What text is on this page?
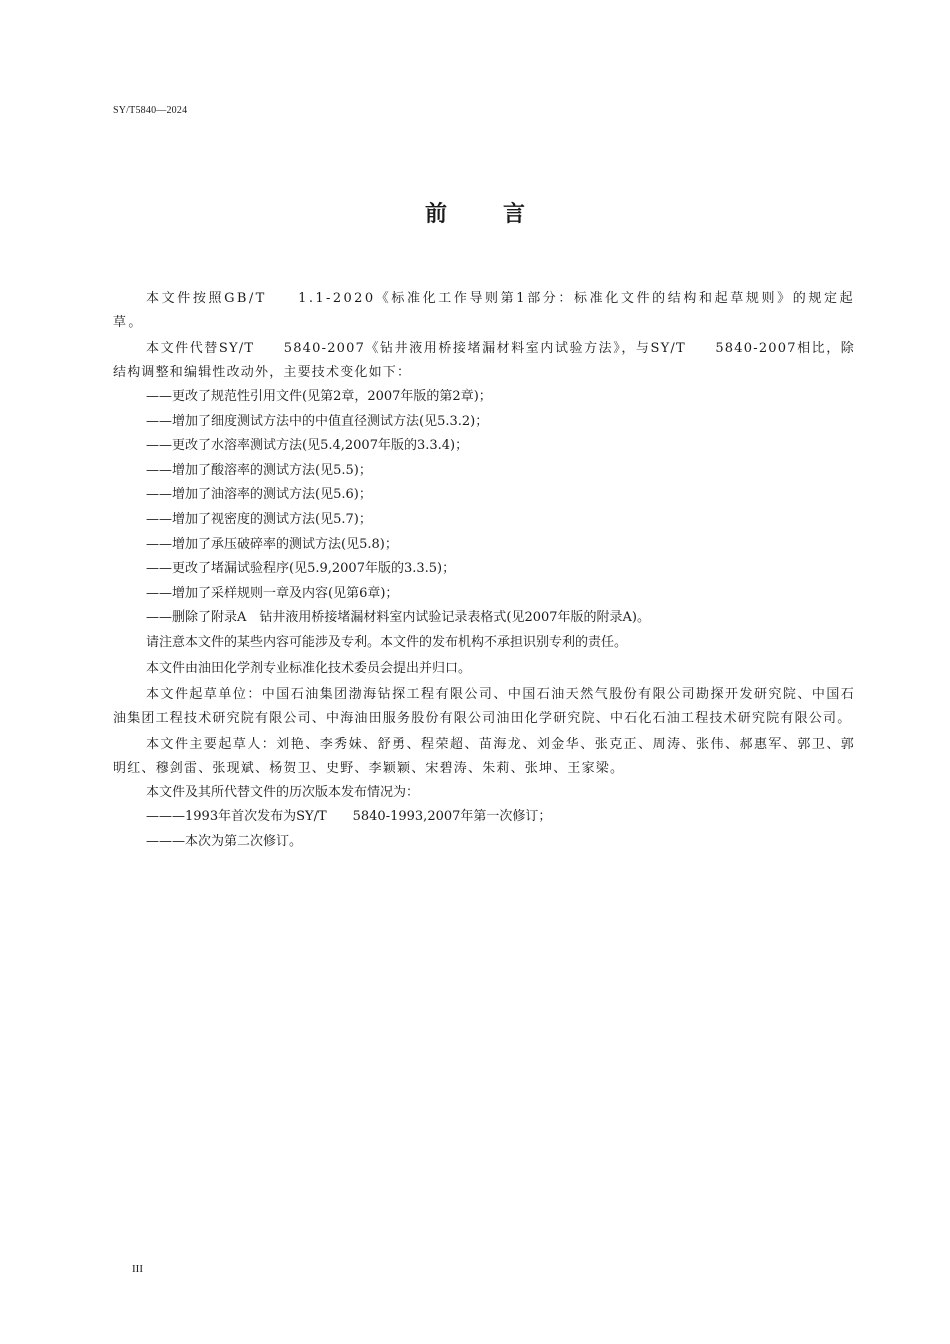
SY/T5840—2024
前	言

本文件按照GB/T　　1.1-2020《标准化工作导则第1部分：标准化文件的结构和起草规则》的规定起草。

本文件代替SY/T　　5840-2007《钻井液用桥接堵漏材料室内试验方法》，与SY/T　　5840-2007相比，除结构调整和编辑性改动外，主要技术变化如下：

——更改了规范性引用文件(见第2章，2007年版的第2章)；

——增加了细度测试方法中的中值直径测试方法(见5.3.2)；

——更改了水溶率测试方法(见5.4,2007年版的3.3.4)；

——增加了酸溶率的测试方法(见5.5)；

——增加了油溶率的测试方法(见5.6)；

——增加了视密度的测试方法(见5.7)；

——增加了承压破碎率的测试方法(见5.8)；

——更改了堵漏试验程序(见5.9,2007年版的3.3.5)；

——增加了采样规则一章及内容(见第6章)；

——删除了附录A　钻井液用桥接堵漏材料室内试验记录表格式(见2007年版的附录A)。

请注意本文件的某些内容可能涉及专利。本文件的发布机构不承担识别专利的责任。

本文件由油田化学剂专业标准化技术委员会提出并归口。

本文件起草单位：中国石油集团渤海钻探工程有限公司、中国石油天然气股份有限公司勘探开发研究院、中国石油集团工程技术研究院有限公司、中海油田服务股份有限公司油田化学研究院、中石化石油工程技术研究院有限公司。

本文件主要起草人：刘艳、李秀妹、舒勇、程荣超、苗海龙、刘金华、张克正、周涛、张伟、郝惠军、郭卫、郭明红、穆剑雷、张现斌、杨贺卫、史野、李颖颖、宋碧涛、朱莉、张坤、王家梁。

本文件及其所代替文件的历次版本发布情况为：

———1993年首次发布为SY/T　　5840-1993,2007年第一次修订；

———本次为第二次修订。

III
